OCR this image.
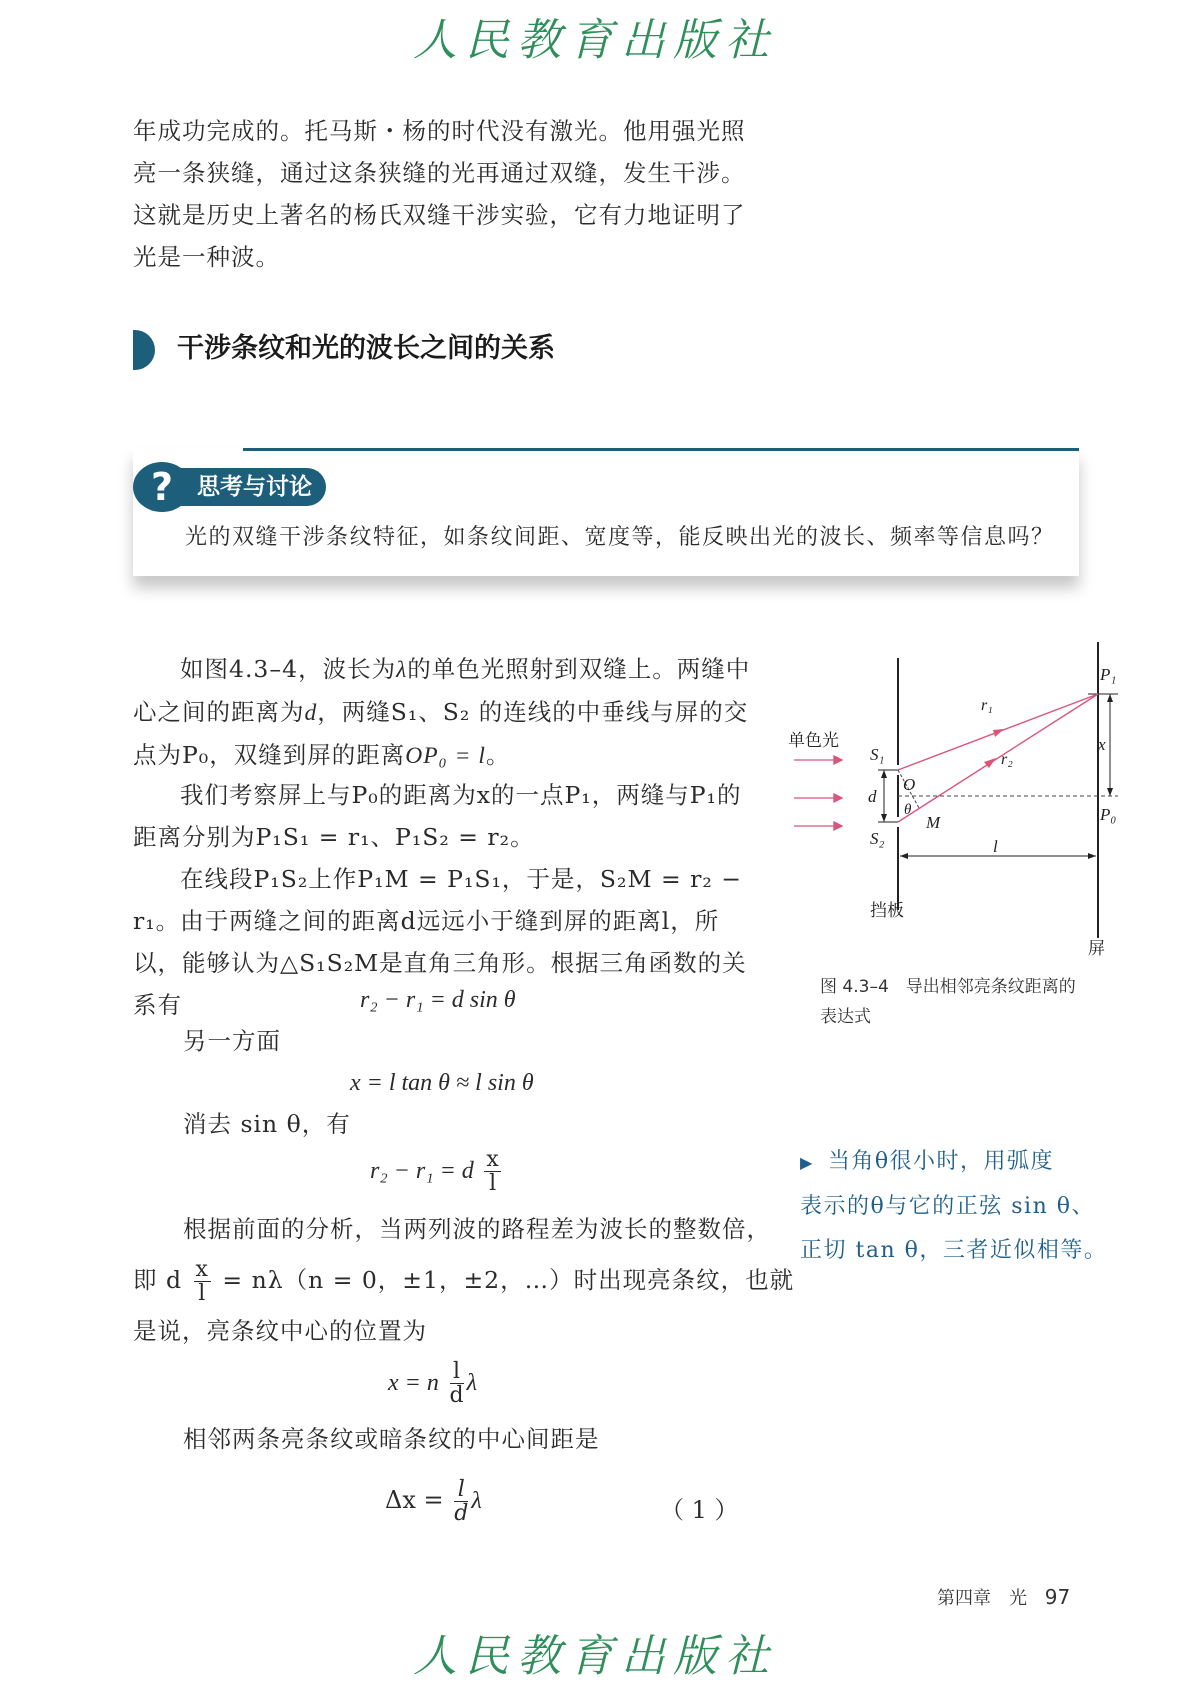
人民教育出版社
年成功完成的。托马斯・杨的时代没有激光。他用强光照
亮一条狭缝，通过这条狭缝的光再通过双缝，发生干涉。
这就是历史上著名的杨氏双缝干涉实验，它有力地证明了
光是一种波。
干涉条纹和光的波长之间的关系
思考与讨论
?
光的双缝干涉条纹特征，如条纹间距、宽度等，能反映出光的波长、频率等信息吗？
如图4.3–4，波长为λ的单色光照射到双缝上。两缝中心之间的距离为d，两缝S₁、S₂ 的连线的中垂线与屏的交点为P₀，双缝到屏的距离OP₀ = l。
我们考察屏上与P₀的距离为x的一点P₁，两缝与P₁的距离分别为P₁S₁ = r₁、P₁S₂ = r₂。
在线段P₁S₂上作P₁M = P₁S₁，于是，S₂M = r₂ − r₁。由于两缝之间的距离d远远小于缝到屏的距离l，所以，能够认为△S₁S₂M是直角三角形。根据三角函数的关系有	r₂ − r₁ = d sin θ
另一方面
x = l tan θ ≈ l sin θ
消去 sin θ，有
r₂ − r₁ = d $\frac{x}{l}$
根据前面的分析，当两列波的路程差为波长的整数倍，
即 d $\frac{x}{l} = n\lambda(n = 0$，±1，±2，…）时出现亮条纹，也就
是说，亮条纹中心的位置为
x = n $\frac{l}{d}$ λ
相邻两条亮条纹或暗条纹的中心间距是
$\Delta x = \frac{l}{d}$ λ	（ 1 ）
单色光
S₁
S₂
d
O
θ
M
r₁
r₂
P₁
P₀
x
l
挡板
屏
图 4.3–4　导出相邻亮条纹距离的
表达式
▶ 当角θ很小时，用弧度
表示的θ与它的正弦 sin θ、
正切 tan θ，三者近似相等。
第四章　光 97
人民教育出版社
